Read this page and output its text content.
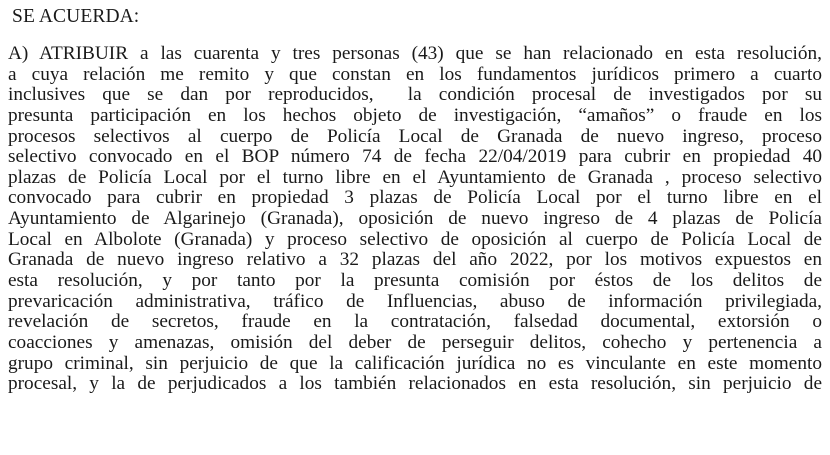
SE ACUERDA:
A) ATRIBUIR a las cuarenta y tres personas (43) que se han relacionado en esta resolución,
a cuya relación me remito y que constan en los fundamentos jurídicos primero a cuarto
inclusives que se dan por reproducidos,  la condición procesal de investigados por su
presunta participación en los hechos objeto de investigación, “amaños” o fraude en los
procesos selectivos al cuerpo de Policía Local de Granada de nuevo ingreso, proceso
selectivo convocado en el BOP número 74 de fecha 22/04/2019 para cubrir en propiedad 40
plazas de Policía Local por el turno libre en el Ayuntamiento de Granada , proceso selectivo
convocado para cubrir en propiedad 3 plazas de Policía Local por el turno libre en el
Ayuntamiento de Algarinejo (Granada), oposición de nuevo ingreso de 4 plazas de Policía
Local en Albolote (Granada) y proceso selectivo de oposición al cuerpo de Policía Local de
Granada de nuevo ingreso relativo a 32 plazas del año 2022, por los motivos expuestos en
esta resolución, y por tanto por la presunta comisión por éstos de los delitos de
prevaricación administrativa, tráfico de Influencias, abuso de información privilegiada,
revelación de secretos, fraude en la contratación, falsedad documental, extorsión o
coacciones y amenazas, omisión del deber de perseguir delitos, cohecho y pertenencia a
grupo criminal, sin perjuicio de que la calificación jurídica no es vinculante en este momento
procesal, y la de perjudicados a los también relacionados en esta resolución, sin perjuicio de
